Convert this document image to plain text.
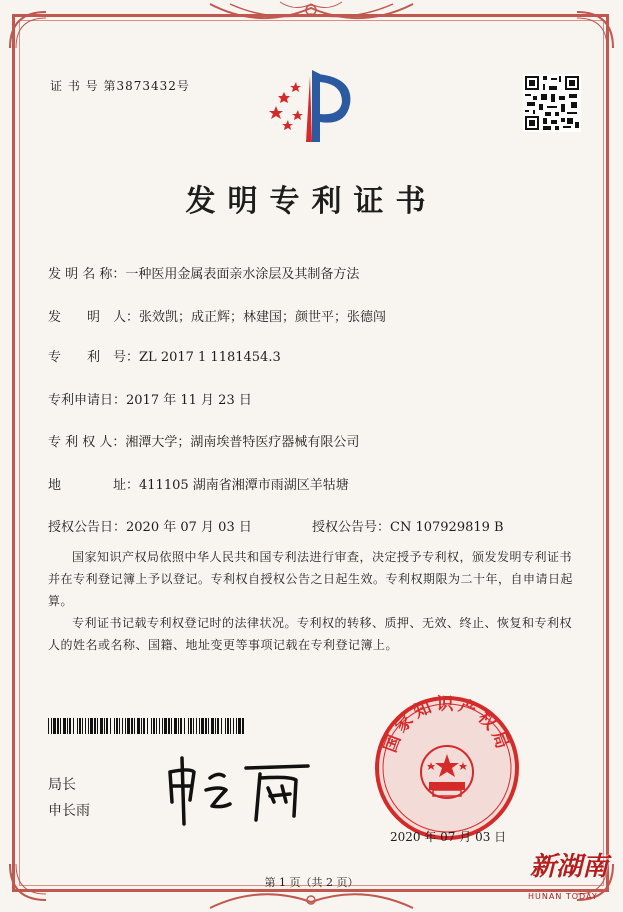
证 书 号 第3873432号
发明专利证书
发 明 名 称：一种医用金属表面亲水涂层及其制备方法
发　　明　人：张效凯；成正辉；林建国；颜世平；张德闯
专　　利　号：ZL 2017 1 1181454.3
专利申请日：2017 年 11 月 23 日
专 利 权 人：湘潭大学；湖南埃普特医疗器械有限公司
地　　　　址：411105 湖南省湘潭市雨湖区羊牯塘
授权公告日：2020 年 07 月 03 日	授权公告号：CN 107929819 B
国家知识产权局依照中华人民共和国专利法进行审查，决定授予专利权，颁发发明专利证书并在专利登记簿上予以登记。专利权自授权公告之日起生效。专利权期限为二十年，自申请日起算。
专利证书记载专利权登记时的法律状况。专利权的转移、质押、无效、终止、恢复和专利权人的姓名或名称、国籍、地址变更等事项记载在专利登记簿上。
局长
申长雨
国家知识产权局
2020 年 07 月 03 日
第 1 页（共 2 页）
新湖南
HUNAN TODAY
